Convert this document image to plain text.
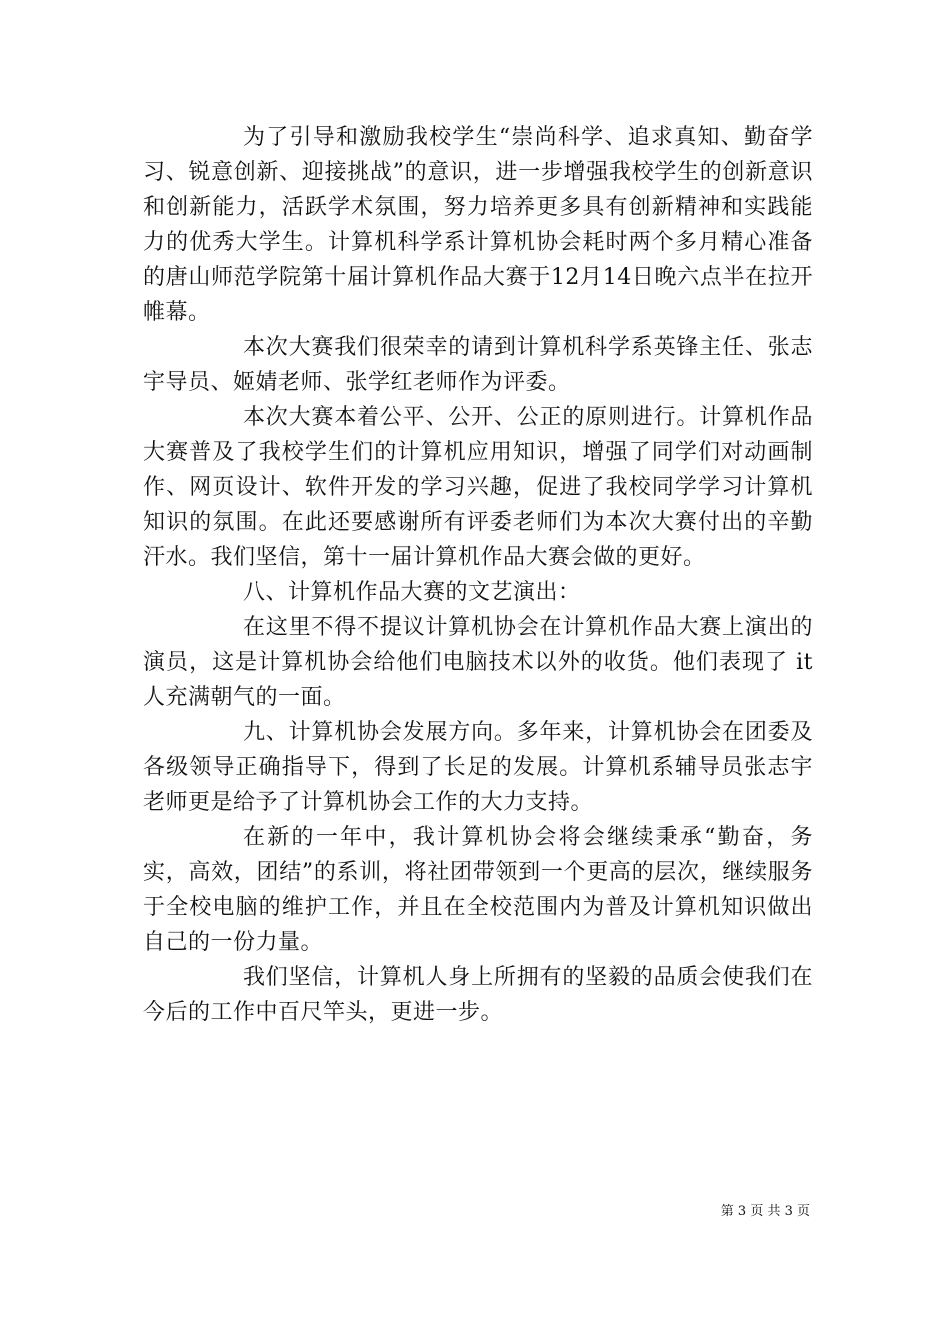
为了引导和激励我校学生“崇尚科学、追求真知、勤奋学习、锐意创新、迎接挑战”的意识，进一步增强我校学生的创新意识和创新能力，活跃学术氛围，努力培养更多具有创新精神和实践能力的优秀大学生。计算机科学系计算机协会耗时两个多月精心准备的唐山师范学院第十届计算机作品大赛于12月14日晚六点半在拉开帷幕。

本次大赛我们很荣幸的请到计算机科学系英锋主任、张志宇导员、姬婧老师、张学红老师作为评委。

本次大赛本着公平、公开、公正的原则进行。计算机作品大赛普及了我校学生们的计算机应用知识，增强了同学们对动画制作、网页设计、软件开发的学习兴趣，促进了我校同学学习计算机知识的氛围。在此还要感谢所有评委老师们为本次大赛付出的辛勤汗水。我们坚信，第十一届计算机作品大赛会做的更好。

八、计算机作品大赛的文艺演出：

在这里不得不提议计算机协会在计算机作品大赛上演出的演员，这是计算机协会给他们电脑技术以外的收货。他们表现了 it 人充满朝气的一面。

九、计算机协会发展方向。多年来，计算机协会在团委及各级领导正确指导下，得到了长足的发展。计算机系辅导员张志宇老师更是给予了计算机协会工作的大力支持。

在新的一年中，我计算机协会将会继续秉承“勤奋，务实，高效，团结”的系训，将社团带领到一个更高的层次，继续服务于全校电脑的维护工作，并且在全校范围内为普及计算机知识做出自己的一份力量。

我们坚信，计算机人身上所拥有的坚毅的品质会使我们在今后的工作中百尺竿头，更进一步。

第 3 页 共 3 页
